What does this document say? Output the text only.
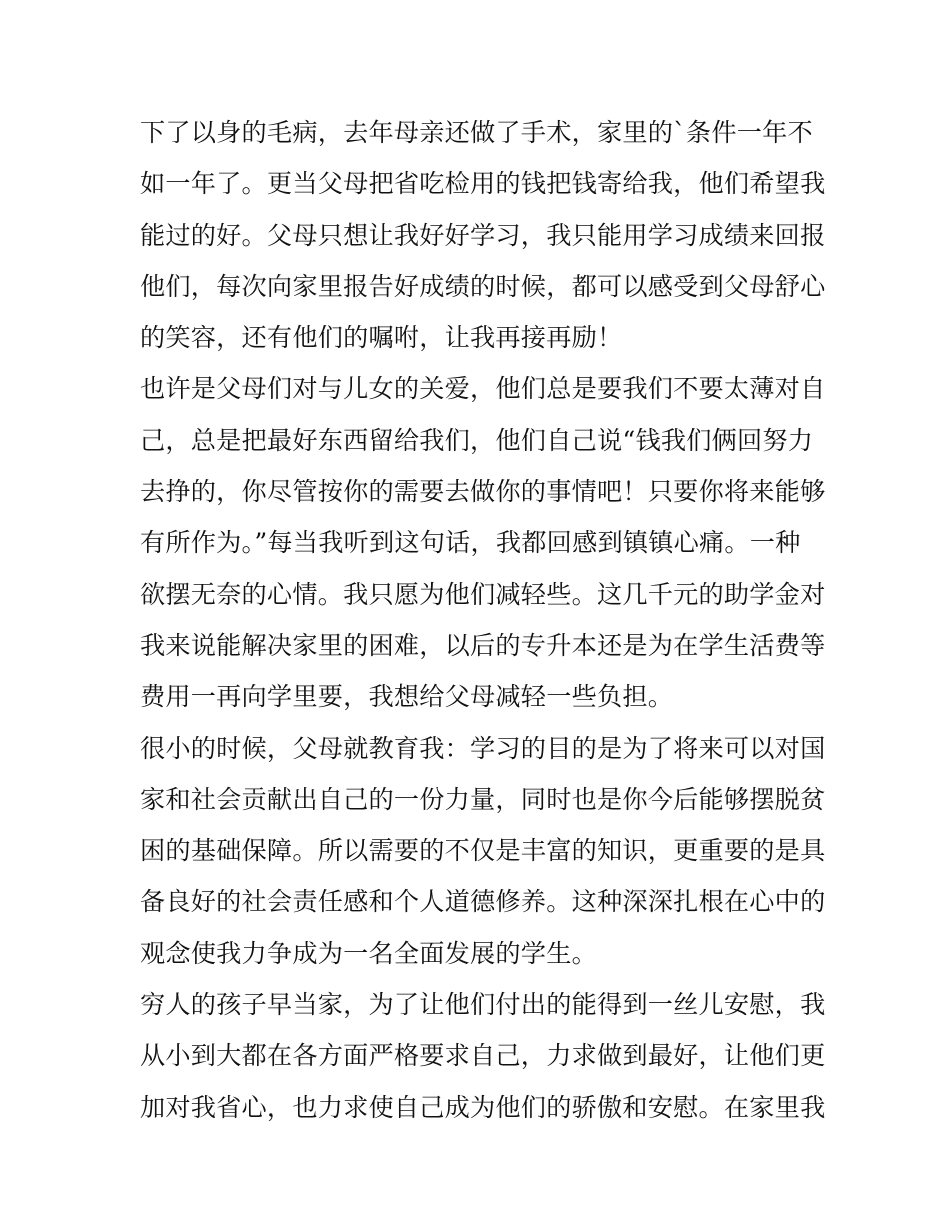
下了以身的毛病，去年母亲还做了手术，家里的`条件一年不
如一年了。更当父母把省吃检用的钱把钱寄给我，他们希望我
能过的好。父母只想让我好好学习，我只能用学习成绩来回报
他们，每次向家里报告好成绩的时候，都可以感受到父母舒心
的笑容，还有他们的嘱咐，让我再接再励！
也许是父母们对与儿女的关爱，他们总是要我们不要太薄对自
己，总是把最好东西留给我们，他们自己说“钱我们俩回努力
去挣的，你尽管按你的需要去做你的事情吧！只要你将来能够
有所作为。”每当我听到这句话，我都回感到镇镇心痛。一种
欲摆无奈的心情。我只愿为他们减轻些。这几千元的助学金对
我来说能解决家里的困难，以后的专升本还是为在学生活费等
费用一再向学里要，我想给父母减轻一些负担。
很小的时候，父母就教育我：学习的目的是为了将来可以对国
家和社会贡献出自己的一份力量，同时也是你今后能够摆脱贫
困的基础保障。所以需要的不仅是丰富的知识，更重要的是具
备良好的社会责任感和个人道德修养。这种深深扎根在心中的
观念使我力争成为一名全面发展的学生。
穷人的孩子早当家，为了让他们付出的能得到一丝儿安慰，我
从小到大都在各方面严格要求自己，力求做到最好，让他们更
加对我省心，也力求使自己成为他们的骄傲和安慰。在家里我
